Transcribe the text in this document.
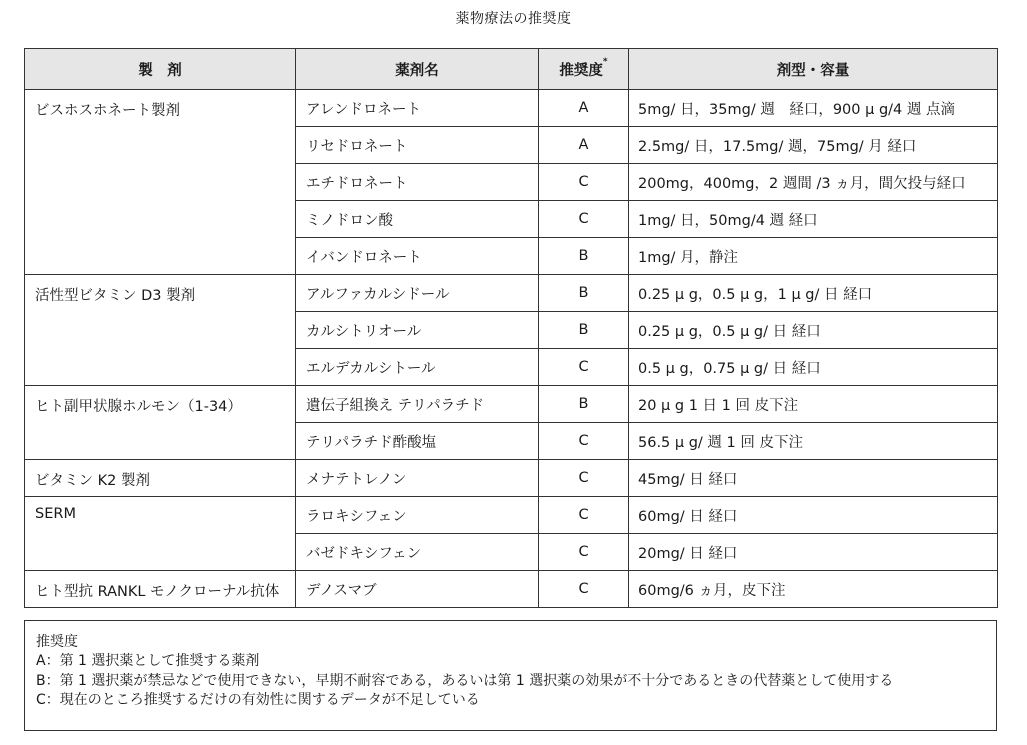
薬物療法の推奨度
製　剤	薬剤名	推奨度*	剤型・容量
ビスホスホネート製剤	アレンドロネート	A	5mg/ 日，35mg/ 週　経口，900 μ g/4 週 点滴
	リセドロネート	A	2.5mg/ 日，17.5mg/ 週，75mg/ 月 経口
	エチドロネート	C	200mg，400mg，2 週間 /3 ヵ月，間欠投与経口
	ミノドロン酸	C	1mg/ 日，50mg/4 週 経口
	イバンドロネート	B	1mg/ 月，静注
活性型ビタミン D3 製剤	アルファカルシドール	B	0.25 μ g，0.5 μ g，1 μ g/ 日 経口
	カルシトリオール	B	0.25 μ g，0.5 μ g/ 日 経口
	エルデカルシトール	C	0.5 μ g，0.75 μ g/ 日 経口
ヒト副甲状腺ホルモン（1-34）	遺伝子組換え テリパラチド	B	20 μ g 1 日 1 回 皮下注
	テリパラチド酢酸塩	C	56.5 μ g/ 週 1 回 皮下注
ビタミン K2 製剤	メナテトレノン	C	45mg/ 日 経口
SERM	ラロキシフェン	C	60mg/ 日 経口
	バゼドキシフェン	C	20mg/ 日 経口
ヒト型抗 RANKL モノクローナル抗体	デノスマブ	C	60mg/6 ヵ月，皮下注
推奨度
A：第 1 選択薬として推奨する薬剤
B：第 1 選択薬が禁忌などで使用できない，早期不耐容である，あるいは第 1 選択薬の効果が不十分であるときの代替薬として使用する
C：現在のところ推奨するだけの有効性に関するデータが不足している
